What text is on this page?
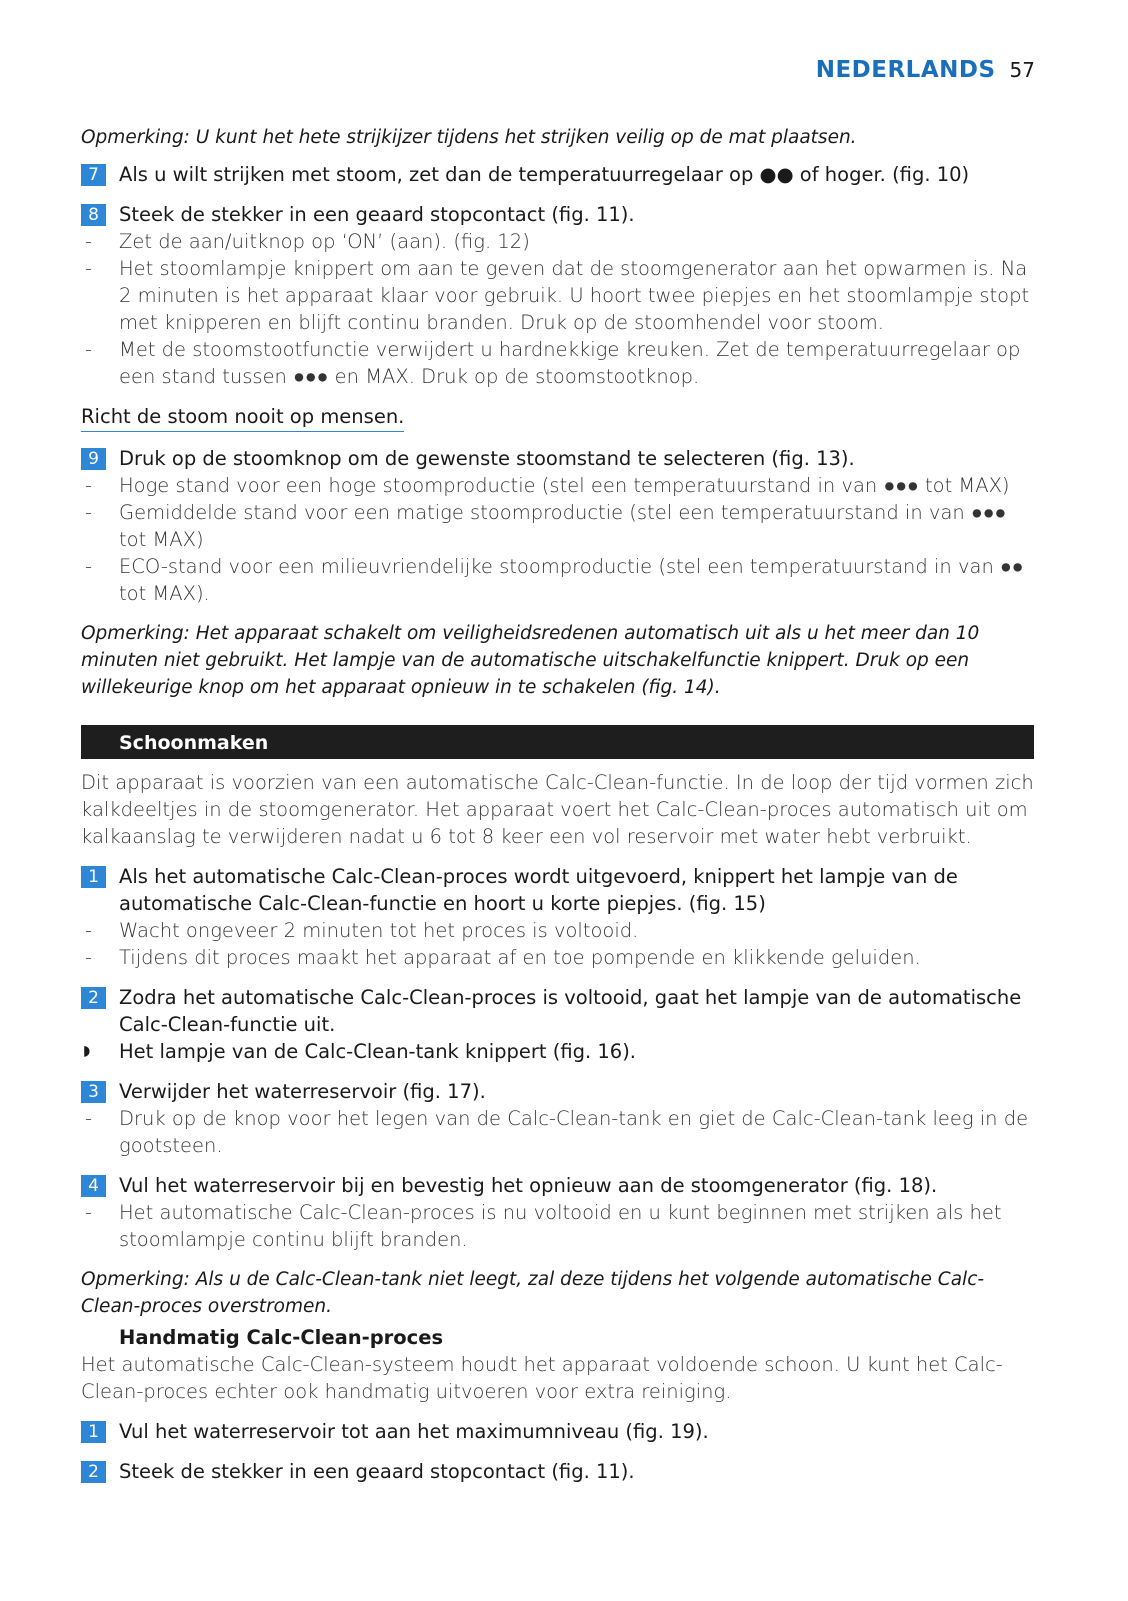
NEDERLANDS 57

Opmerking: U kunt het hete strijkijzer tijdens het strijken veilig op de mat plaatsen.

7	Als u wilt strijken met stoom, zet dan de temperatuurregelaar op ●● of hoger. (fig. 10)
8	Steek de stekker in een geaard stopcontact (fig. 11).
-	Zet de aan/uitknop op ‘ON’ (aan). (fig. 12)
-	Het stoomlampje knippert om aan te geven dat de stoomgenerator aan het opwarmen is. Na 2 minuten is het apparaat klaar voor gebruik. U hoort twee piepjes en het stoomlampje stopt met knipperen en blijft continu branden. Druk op de stoomhendel voor stoom.
-	Met de stoomstootfunctie verwijdert u hardnekkige kreuken. Zet de temperatuurregelaar op een stand tussen ●●● en MAX. Druk op de stoomstootknop.
Richt de stoom nooit op mensen.
9	Druk op de stoomknop om de gewenste stoomstand te selecteren (fig. 13).
-	Hoge stand voor een hoge stoomproductie (stel een temperatuurstand in van ●●● tot MAX)
-	Gemiddelde stand voor een matige stoomproductie (stel een temperatuurstand in van ●●● tot MAX)
-	ECO-stand voor een milieuvriendelijke stoomproductie (stel een temperatuurstand in van ●● tot MAX).

Opmerking: Het apparaat schakelt om veiligheidsredenen automatisch uit als u het meer dan 10 minuten niet gebruikt. Het lampje van de automatische uitschakelfunctie knippert. Druk op een willekeurige knop om het apparaat opnieuw in te schakelen (fig. 14).

Schoonmaken

Dit apparaat is voorzien van een automatische Calc-Clean-functie. In de loop der tijd vormen zich kalkdeeltjes in de stoomgenerator. Het apparaat voert het Calc-Clean-proces automatisch uit om kalkaanslag te verwijderen nadat u 6 tot 8 keer een vol reservoir met water hebt verbruikt.

1	Als het automatische Calc-Clean-proces wordt uitgevoerd, knippert het lampje van de automatische Calc-Clean-functie en hoort u korte piepjes. (fig. 15)
-	Wacht ongeveer 2 minuten tot het proces is voltooid.
-	Tijdens dit proces maakt het apparaat af en toe pompende en klikkende geluiden.
2	Zodra het automatische Calc-Clean-proces is voltooid, gaat het lampje van de automatische Calc-Clean-functie uit.
◗	Het lampje van de Calc-Clean-tank knippert (fig. 16).
3	Verwijder het waterreservoir (fig. 17).
-	Druk op de knop voor het legen van de Calc-Clean-tank en giet de Calc-Clean-tank leeg in de gootsteen.
4	Vul het waterreservoir bij en bevestig het opnieuw aan de stoomgenerator (fig. 18).
-	Het automatische Calc-Clean-proces is nu voltooid en u kunt beginnen met strijken als het stoomlampje continu blijft branden.

Opmerking: Als u de Calc-Clean-tank niet leegt, zal deze tijdens het volgende automatische Calc-Clean-proces overstromen.

Handmatig Calc-Clean-proces

Het automatische Calc-Clean-systeem houdt het apparaat voldoende schoon. U kunt het Calc-Clean-proces echter ook handmatig uitvoeren voor extra reiniging.

1	Vul het waterreservoir tot aan het maximumniveau (fig. 19).
2	Steek de stekker in een geaard stopcontact (fig. 11).
